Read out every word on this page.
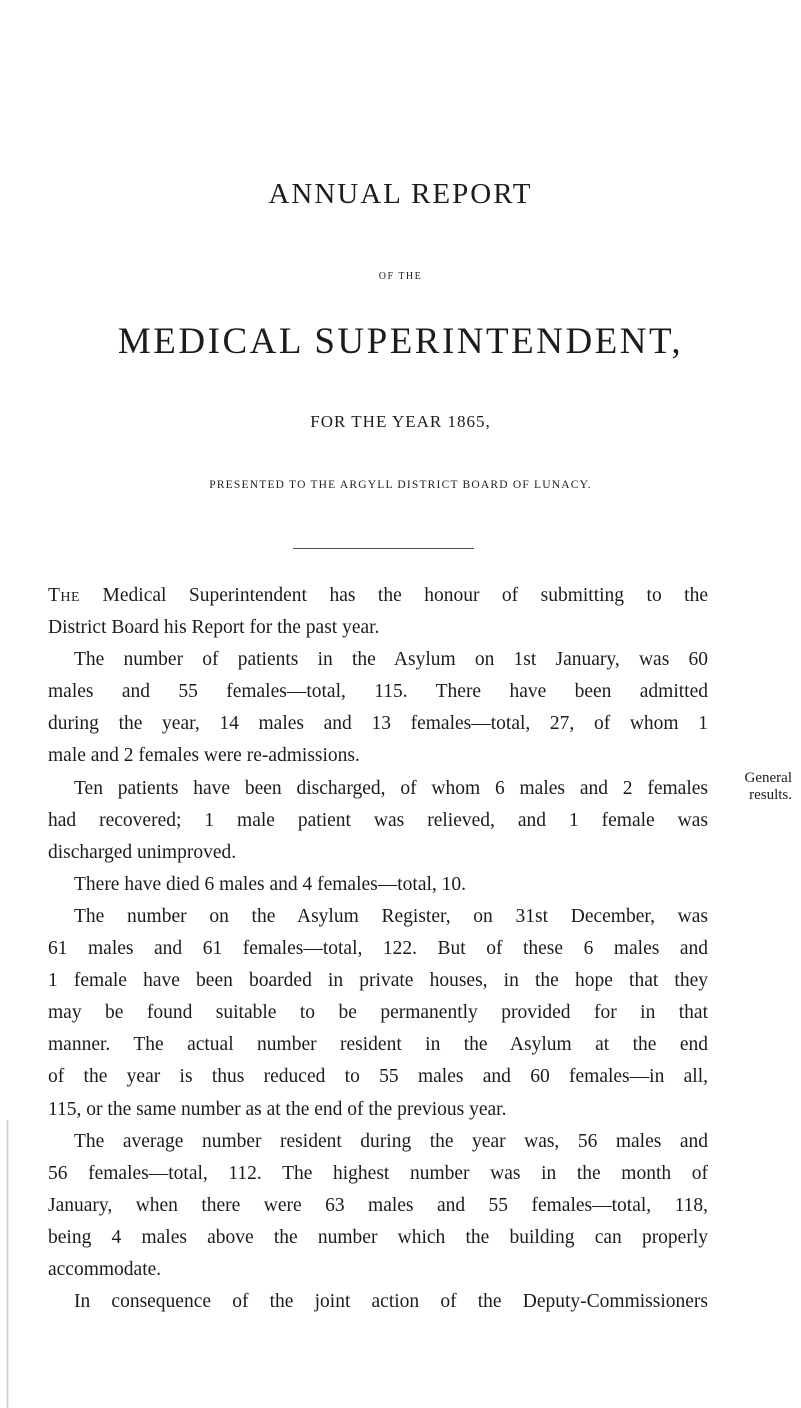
ANNUAL REPORT
OF THE
MEDICAL SUPERINTENDENT,
FOR THE YEAR 1865,
PRESENTED TO THE ARGYLL DISTRICT BOARD OF LUNACY.
The Medical Superintendent has the honour of submitting to the
District Board his Report for the past year.
The number of patients in the Asylum on 1st January, was 60
males and 55 females—total, 115. There have been admitted
during the year, 14 males and 13 females—total, 27, of whom 1
male and 2 females were re-admissions.
Ten patients have been discharged, of whom 6 males and 2 females
had recovered; 1 male patient was relieved, and 1 female was
discharged unimproved.
There have died 6 males and 4 females—total, 10.
The number on the Asylum Register, on 31st December, was
61 males and 61 females—total, 122. But of these 6 males and
1 female have been boarded in private houses, in the hope that they
may be found suitable to be permanently provided for in that
manner. The actual number resident in the Asylum at the end
of the year is thus reduced to 55 males and 60 females—in all,
115, or the same number as at the end of the previous year.
The average number resident during the year was, 56 males and
56 females—total, 112. The highest number was in the month of
January, when there were 63 males and 55 females—total, 118,
being 4 males above the number which the building can properly
accommodate.
In consequence of the joint action of the Deputy-Commissioners
General
results.
